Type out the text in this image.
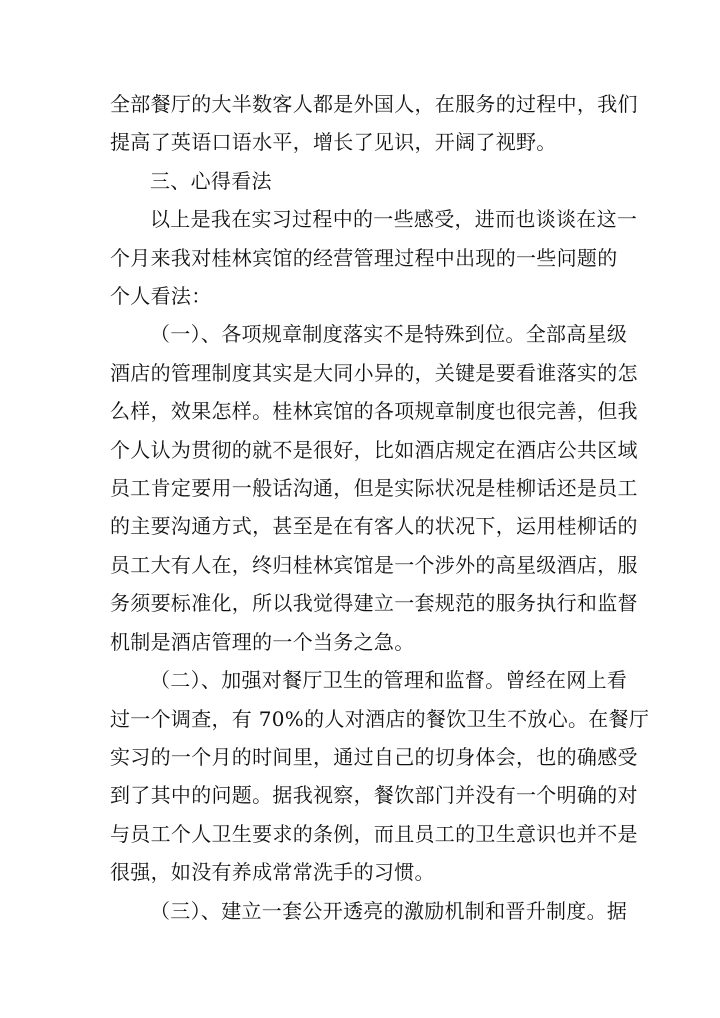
全部餐厅的大半数客人都是外国人，在服务的过程中，我们
提高了英语口语水平，增长了见识，开阔了视野。

三、心得看法

以上是我在实习过程中的一些感受，进而也谈谈在这一
个月来我对桂林宾馆的经营管理过程中出现的一些问题的
个人看法：

（一）、各项规章制度落实不是特殊到位。全部高星级
酒店的管理制度其实是大同小异的，关键是要看谁落实的怎
么样，效果怎样。桂林宾馆的各项规章制度也很完善，但我
个人认为贯彻的就不是很好，比如酒店规定在酒店公共区域
员工肯定要用一般话沟通，但是实际状况是桂柳话还是员工
的主要沟通方式，甚至是在有客人的状况下，运用桂柳话的
员工大有人在，终归桂林宾馆是一个涉外的高星级酒店，服
务须要标准化，所以我觉得建立一套规范的服务执行和监督
机制是酒店管理的一个当务之急。

（二）、加强对餐厅卫生的管理和监督。曾经在网上看
过一个调查，有 70%的人对酒店的餐饮卫生不放心。在餐厅
实习的一个月的时间里，通过自己的切身体会，也的确感受
到了其中的问题。据我视察，餐饮部门并没有一个明确的对
与员工个人卫生要求的条例，而且员工的卫生意识也并不是
很强，如没有养成常常洗手的习惯。

（三）、建立一套公开透亮的激励机制和晋升制度。据
